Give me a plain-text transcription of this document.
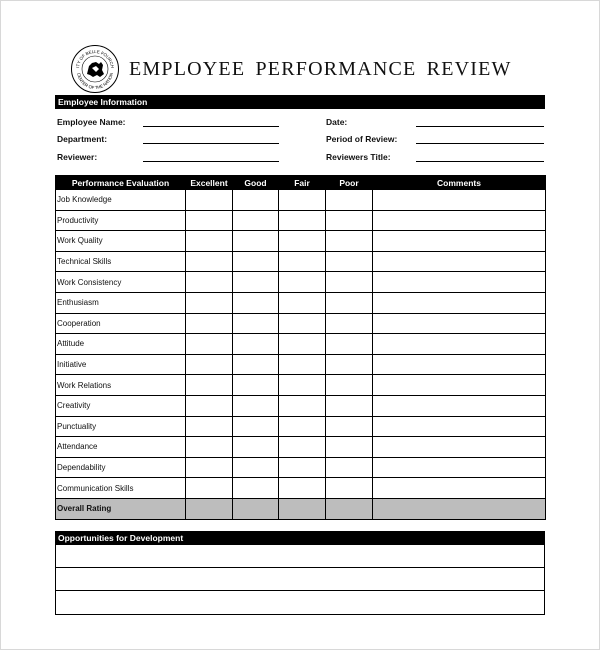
ITY OF BELLE FOURCH
CENTER OF THE NATION EMPLOYEE PERFORMANCE REVIEW
Employee Information
Employee Name:
Department:
Reviewer:
Date:
Period of Review:
Reviewers Title:
Performance Evaluation	Excellent	Good	Fair	Poor	Comments
Job Knowledge					
Productivity					
Work Quality					
Technical Skills					
Work Consistency					
Enthusiasm					
Cooperation					
Attitude					
Initiative					
Work Relations					
Creativity					
Punctuality					
Attendance					
Dependability					
Communication Skills					
Overall Rating					
Opportunities for Development
